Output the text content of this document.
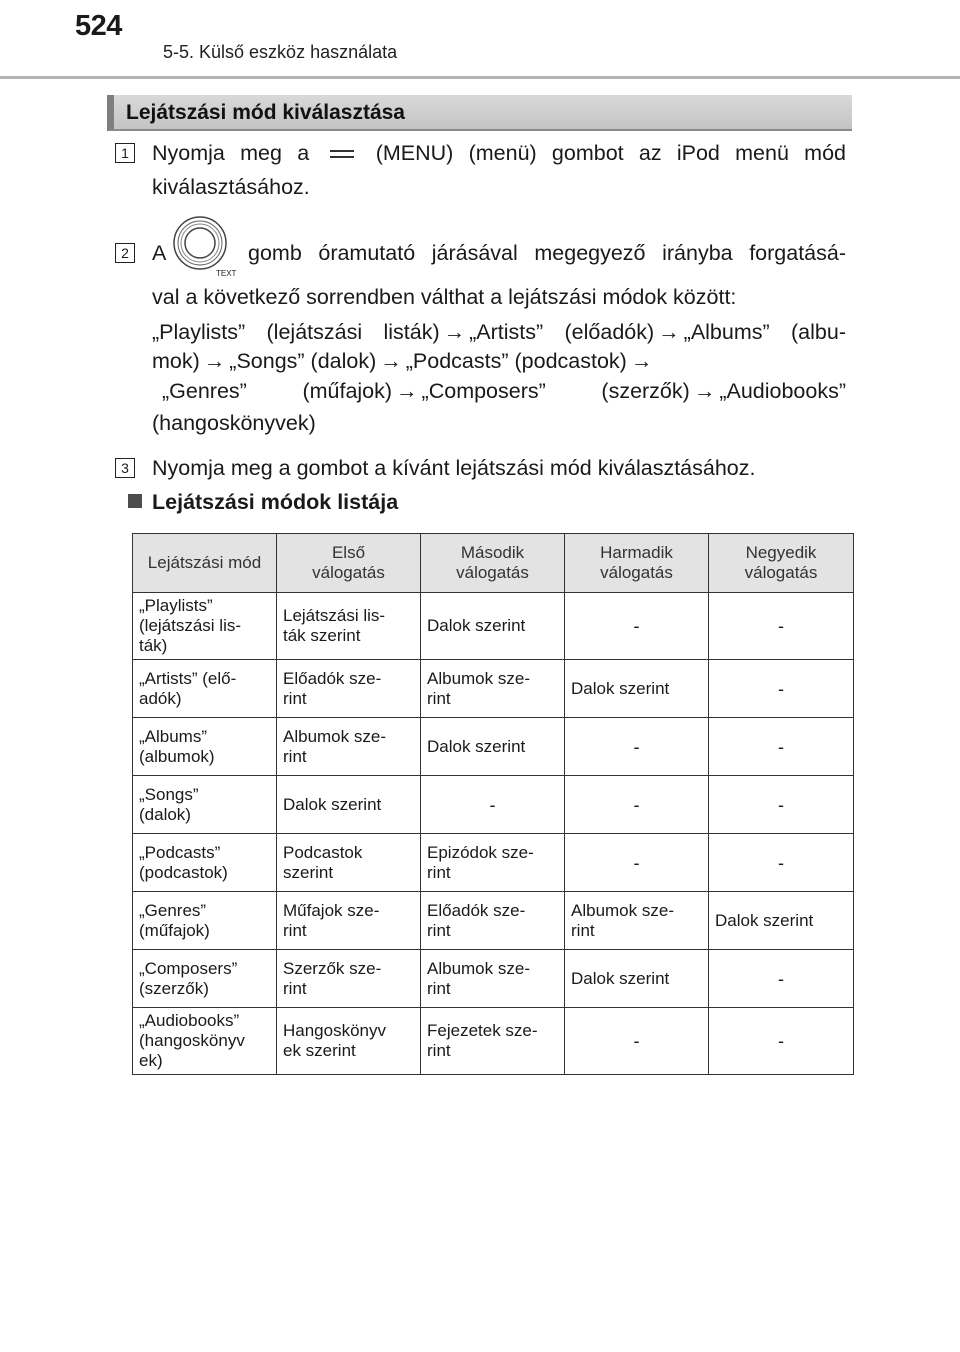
524
5-5. Külső eszköz használata
Lejátszási mód kiválasztása
1 Nyomja meg a	(MENU) (menü) gombot az iPod menü mód
kiválasztásához.
2 A
TEXT
gomb óramutató járásával megegyező irányba forgatásá-
val a következő sorrendben válthat a lejátszási módok között:
„Playlists” (lejátszási listák) → „Artists” (előadók) → „Albums” (albu-
mok) → „Songs” (dalok) → „Podcasts” (podcastok) →
„Genres” (műfajok) → „Composers” (szerzők) → „Audiobooks”
(hangoskönyvek)
3 Nyomja meg a gombot a kívánt lejátszási mód kiválasztásához.
Lejátszási módok listája
Lejátszási mód	Első
válogatás	Második
válogatás	Harmadik
válogatás	Negyedik
válogatás
„Playlists”
(lejátszási lis-
ták)	Lejátszási lis-
ták szerint	Dalok szerint	-	-
„Artists” (elő-
adók)	Előadók sze-
rint	Albumok sze-
rint	Dalok szerint	-
„Albums”
(albumok)	Albumok sze-
rint	Dalok szerint	-	-
„Songs”
(dalok)	Dalok szerint	-	-	-
„Podcasts”
(podcastok)	Podcastok
szerint	Epizódok sze-
rint	-	-
„Genres”
(műfajok)	Műfajok sze-
rint	Előadók sze-
rint	Albumok sze-
rint	Dalok szerint
„Composers”
(szerzők)	Szerzők sze-
rint	Albumok sze-
rint	Dalok szerint	-
„Audiobooks”
(hangoskönyv
ek)	Hangoskönyv
ek szerint	Fejezetek sze-
rint	-	-
